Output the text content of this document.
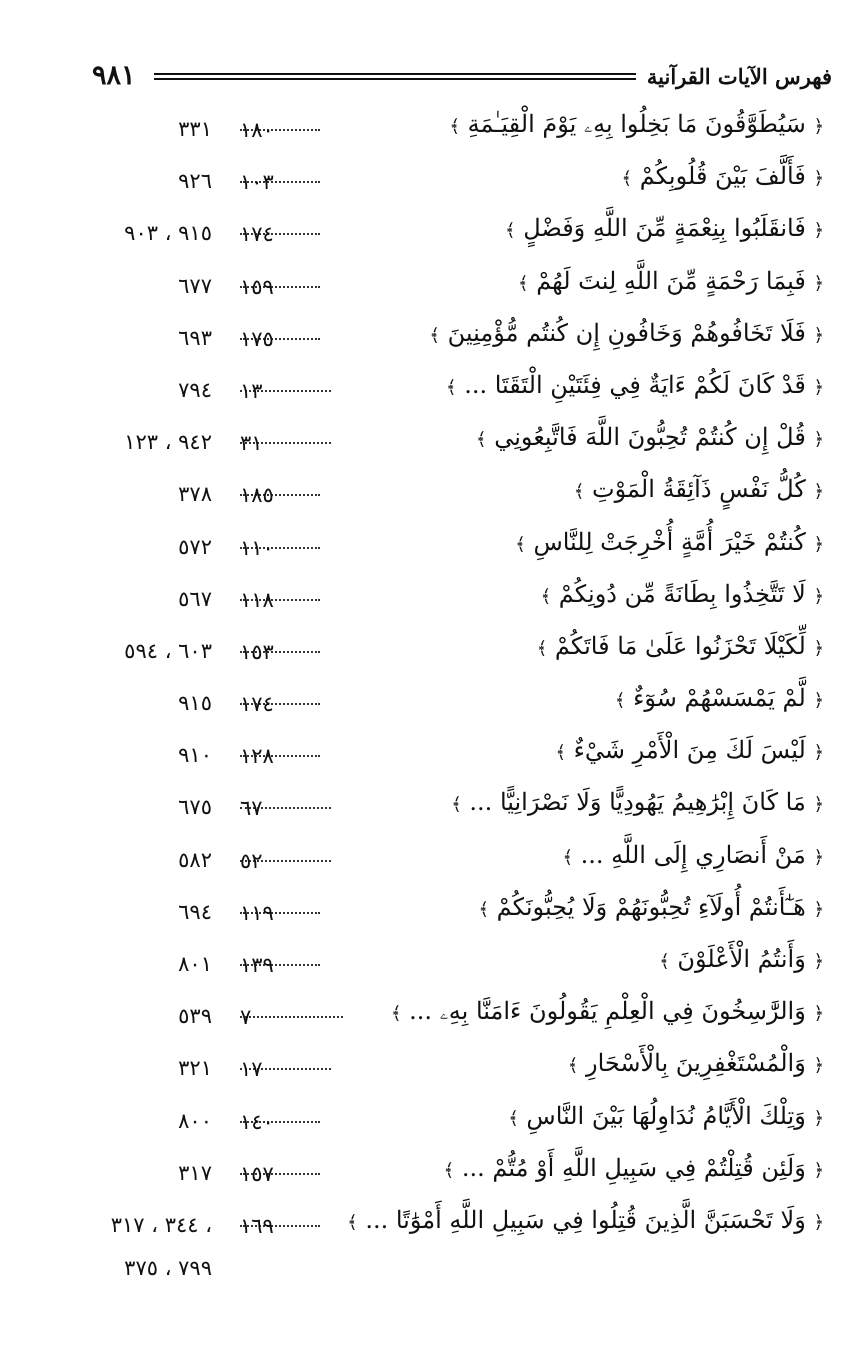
فهرس الآيات القرآنية
٩٨١
﴿ سَيُطَوَّقُونَ مَا بَخِلُوا بِهِۦ يَوْمَ الْقِيَـٰمَةِ ﴾
١٨٠
٣٣١
﴿ فَأَلَّفَ بَيْنَ قُلُوبِكُمْ ﴾
١٠٣
٩٢٦
﴿ فَانقَلَبُوا بِنِعْمَةٍ مِّنَ اللَّهِ وَفَضْلٍ ﴾
١٧٤
٩١٥ ، ٩٠٣
﴿ فَبِمَا رَحْمَةٍ مِّنَ اللَّهِ لِنتَ لَهُمْ ﴾
١٥٩
٦٧٧
﴿ فَلَا تَخَافُوهُمْ وَخَافُونِ إِن كُنتُم مُّؤْمِنِينَ ﴾
١٧٥
٦٩٣
﴿ قَدْ كَانَ لَكُمْ ءَايَةٌ فِي فِئَتَيْنِ الْتَقَتَا ... ﴾
١٣
٧٩٤
﴿ قُلْ إِن كُنتُمْ تُحِبُّونَ اللَّهَ فَاتَّبِعُونِي ﴾
٣١
٩٤٢ ، ١٢٣
﴿ كُلُّ نَفْسٍ ذَآئِقَةُ الْمَوْتِ ﴾
١٨٥
٣٧٨
﴿ كُنتُمْ خَيْرَ أُمَّةٍ أُخْرِجَتْ لِلنَّاسِ ﴾
١١٠
٥٧٢
﴿ لَا تَتَّخِذُوا بِطَانَةً مِّن دُونِكُمْ ﴾
١١٨
٥٦٧
﴿ لِّكَيْلَا تَحْزَنُوا عَلَىٰ مَا فَاتَكُمْ ﴾
١٥٣
٦٠٣ ، ٥٩٤
﴿ لَّمْ يَمْسَسْهُمْ سُوٓءٌ ﴾
١٧٤
٩١٥
﴿ لَيْسَ لَكَ مِنَ الْأَمْرِ شَيْءٌ ﴾
١٢٨
٩١٠
﴿ مَا كَانَ إِبْرَٰهِيمُ يَهُودِيًّا وَلَا نَصْرَانِيًّا ... ﴾
٦٧
٦٧٥
﴿ مَنْ أَنصَارِي إِلَى اللَّهِ ... ﴾
٥٢
٥٨٢
﴿ هَـٰٓأَنتُمْ أُولَآءِ تُحِبُّونَهُمْ وَلَا يُحِبُّونَكُمْ ﴾
١١٩
٦٩٤
﴿ وَأَنتُمُ الْأَعْلَوْنَ ﴾
١٣٩
٨٠١
﴿ وَالرَّٰسِخُونَ فِي الْعِلْمِ يَقُولُونَ ءَامَنَّا بِهِۦ ... ﴾
٧
٥٣٩
﴿ وَالْمُسْتَغْفِرِينَ بِالْأَسْحَارِ ﴾
١٧
٣٢١
﴿ وَتِلْكَ الْأَيَّامُ نُدَاوِلُهَا بَيْنَ النَّاسِ ﴾
١٤٠
٨٠٠
﴿ وَلَئِن قُتِلْتُمْ فِي سَبِيلِ اللَّهِ أَوْ مُتُّمْ ... ﴾
١٥٧
٣١٧
﴿ وَلَا تَحْسَبَنَّ الَّذِينَ قُتِلُوا فِي سَبِيلِ اللَّهِ أَمْوَٰتًا ... ﴾
١٦٩
، ٣٤٤ ، ٣١٧
٧٩٩ ، ٣٧٥
